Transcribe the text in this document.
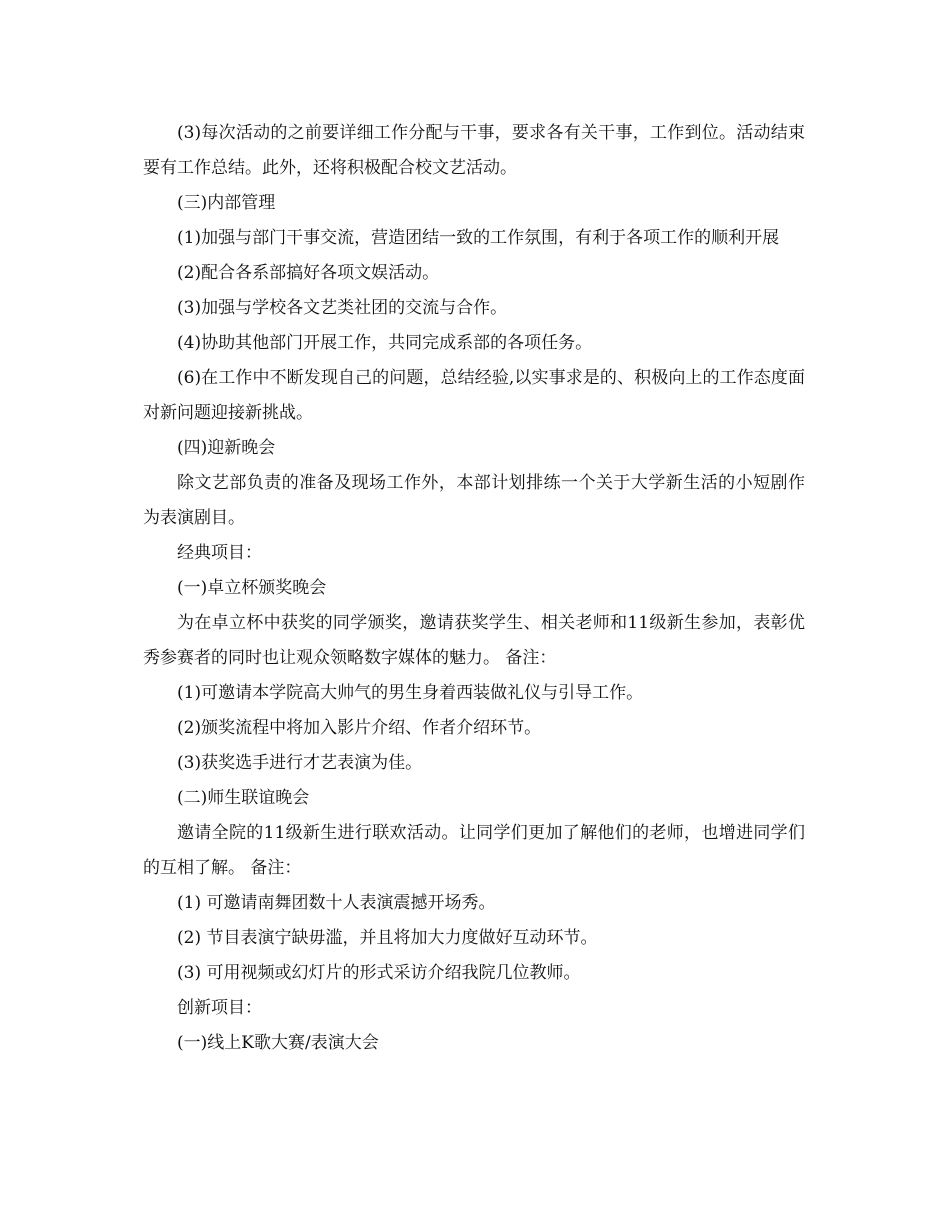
(3)每次活动的之前要详细工作分配与干事，要求各有关干事，工作到位。活动结束要有工作总结。此外，还将积极配合校文艺活动。

(三)内部管理

(1)加强与部门干事交流，营造团结一致的工作氛围，有利于各项工作的顺利开展

(2)配合各系部搞好各项文娱活动。

(3)加强与学校各文艺类社团的交流与合作。

(4)协助其他部门开展工作，共同完成系部的各项任务。

(6)在工作中不断发现自己的问题，总结经验,以实事求是的、积极向上的工作态度面对新问题迎接新挑战。

(四)迎新晚会

除文艺部负责的准备及现场工作外，本部计划排练一个关于大学新生活的小短剧作为表演剧目。

经典项目：

(一)卓立杯颁奖晚会

为在卓立杯中获奖的同学颁奖，邀请获奖学生、相关老师和11级新生参加，表彰优秀参赛者的同时也让观众领略数字媒体的魅力。 备注：

(1)可邀请本学院高大帅气的男生身着西装做礼仪与引导工作。

(2)颁奖流程中将加入影片介绍、作者介绍环节。

(3)获奖选手进行才艺表演为佳。

(二)师生联谊晚会

邀请全院的11级新生进行联欢活动。让同学们更加了解他们的老师，也增进同学们的互相了解。 备注：

(1) 可邀请南舞团数十人表演震撼开场秀。

(2) 节目表演宁缺毋滥，并且将加大力度做好互动环节。

(3) 可用视频或幻灯片的形式采访介绍我院几位教师。

创新项目：

(一)线上K歌大赛/表演大会
